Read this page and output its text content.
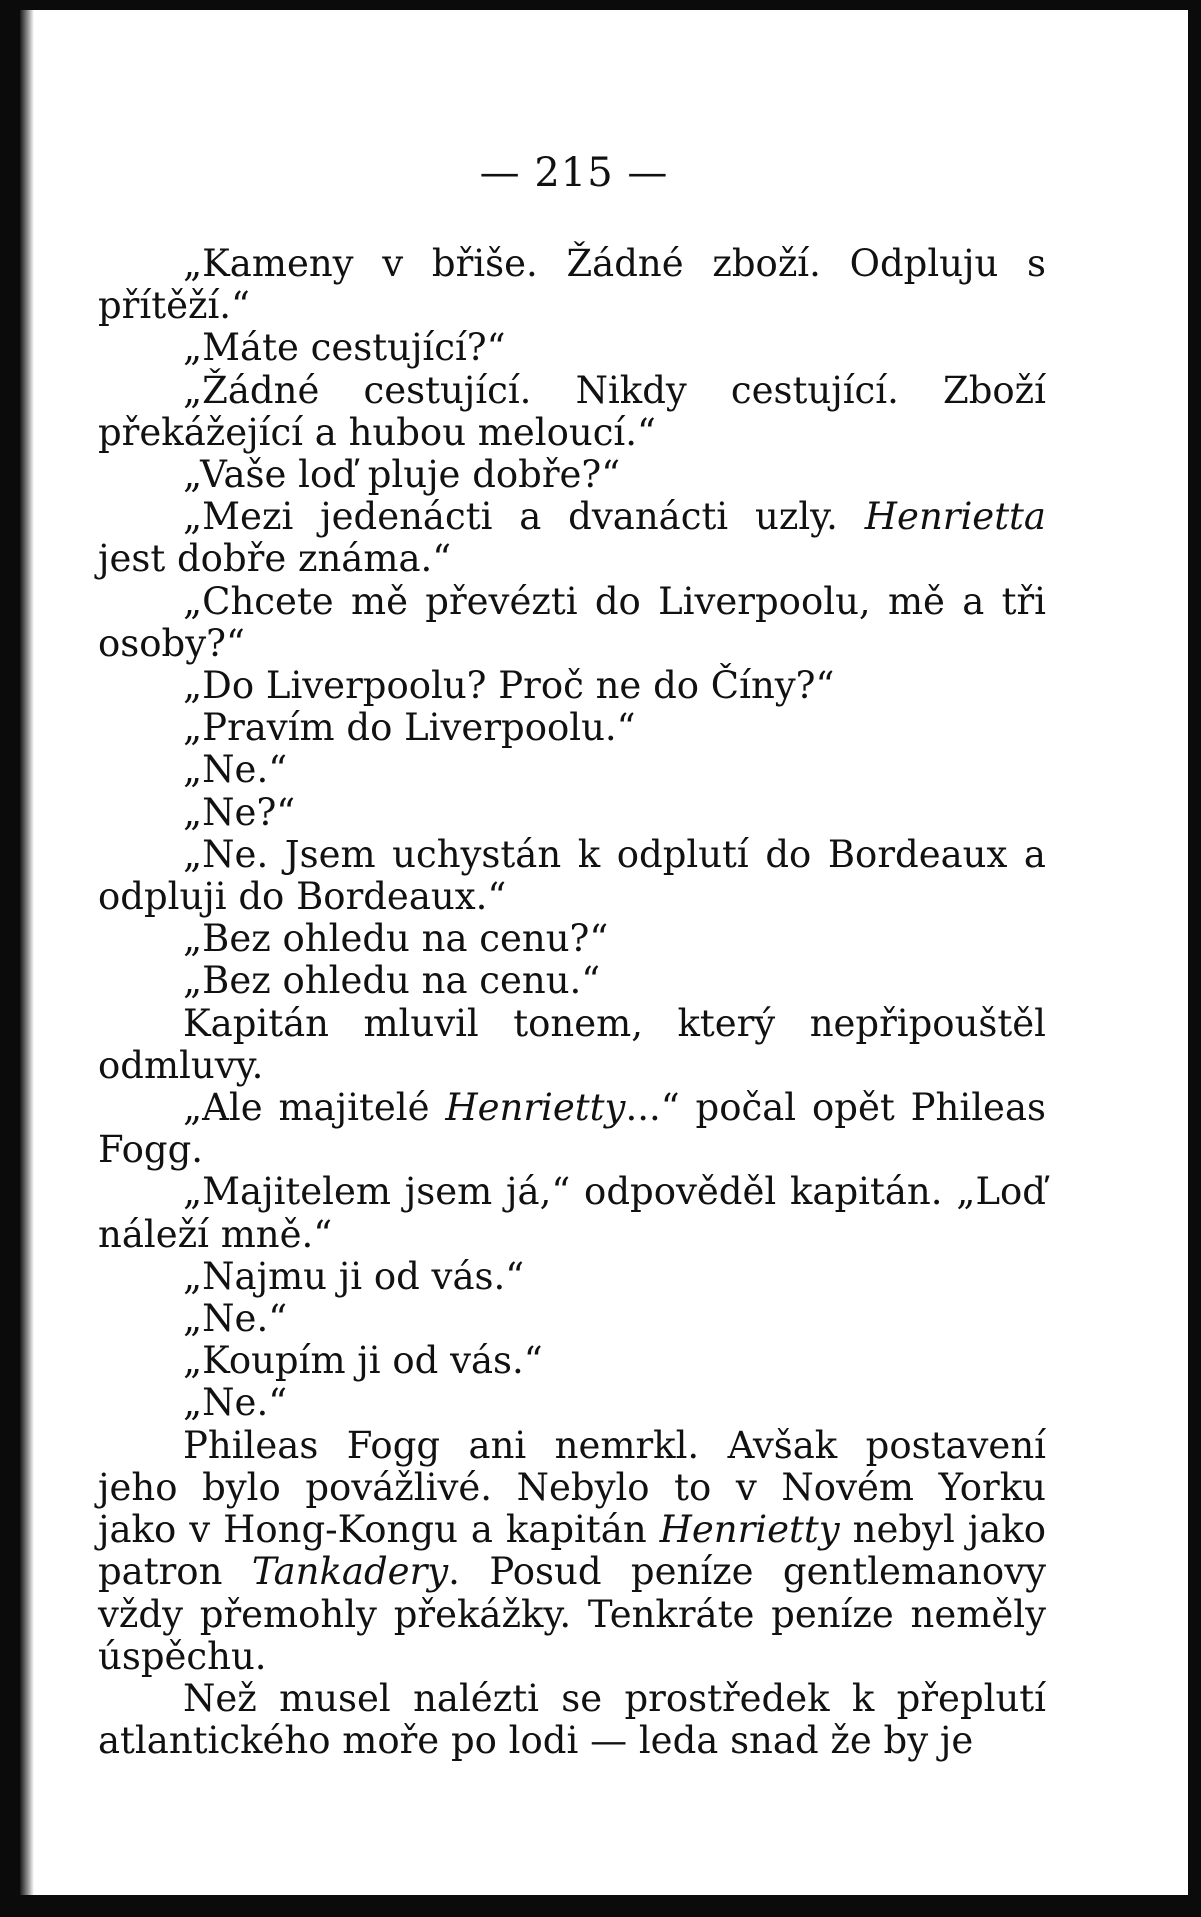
— 215 —

„Kameny v břiše. Žádné zboží. Odpluju s přítěží.“

„Máte cestující?“

„Žádné cestující. Nikdy cestující. Zboží překážející a hubou meloucí.“

„Vaše loď pluje dobře?“

„Mezi jedenácti a dvanácti uzly. Henrietta jest dobře známa.“

„Chcete mě převézti do Liverpoolu, mě a tři osoby?“

„Do Liverpoolu? Proč ne do Číny?“

„Pravím do Liverpoolu.“

„Ne.“

„Ne?“

„Ne. Jsem uchystán k odplutí do Bordeaux a odpluji do Bordeaux.“

„Bez ohledu na cenu?“

„Bez ohledu na cenu.“

Kapitán mluvil tonem, který nepřipouštěl odmluvy.

„Ale majitelé Henrietty...“ počal opět Phileas Fogg.

„Majitelem jsem já,“ odpověděl kapitán. „Loď náleží mně.“

„Najmu ji od vás.“

„Ne.“

„Koupím ji od vás.“

„Ne.“

Phileas Fogg ani nemrkl. Avšak postavení jeho bylo povážlivé. Nebylo to v Novém Yorku jako v Hong-Kongu a kapitán Henrietty nebyl jako patron Tankadery. Posud peníze gentlemanovy vždy přemohly překážky. Tenkráte peníze neměly úspěchu.

Než musel nalézti se prostředek k přeplutí atlantického moře po lodi — leda snad že by je
